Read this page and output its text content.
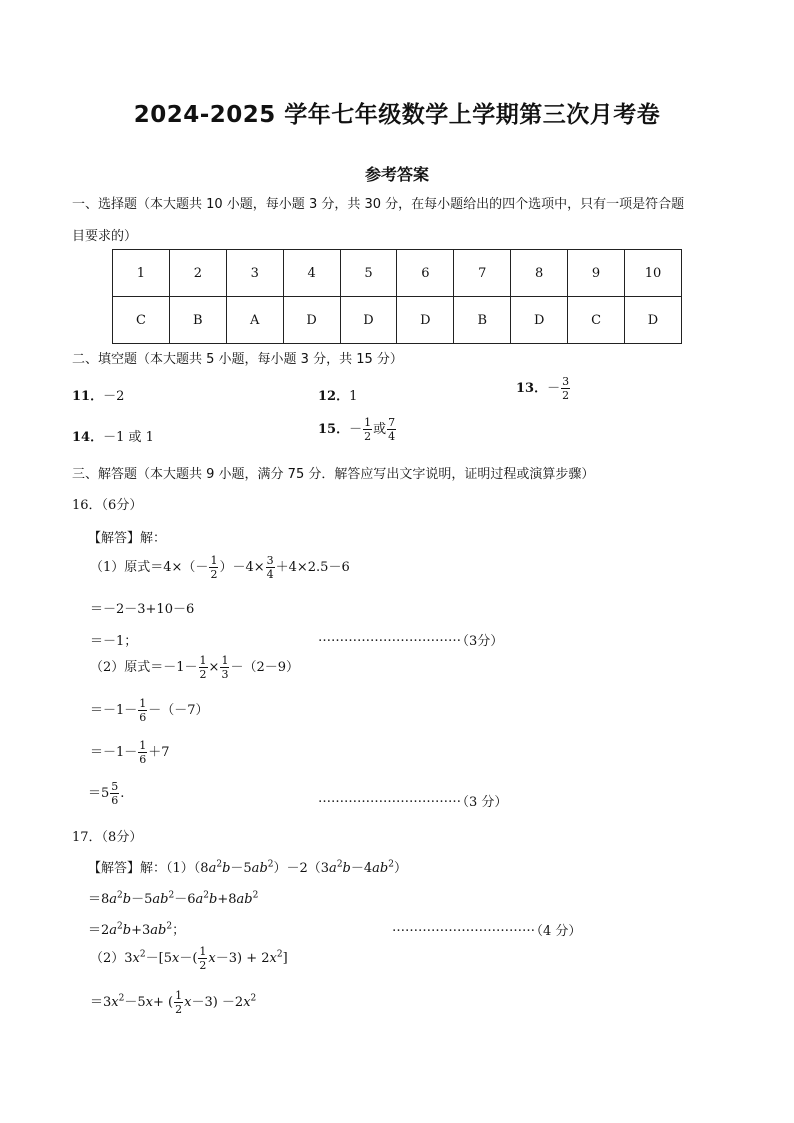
2024-2025 学年七年级数学上学期第三次月考卷
参考答案
一、选择题（本大题共 10 小题，每小题 3 分，共 30 分，在每小题给出的四个选项中，只有一项是符合题
目要求的）
1	2	3	4	5	6	7	8	9	10
C	B	A	D	D	D	B	D	C	D
二、填空题（本大题共 5 小题，每小题 3 分，共 15 分）
11．－2	12．1
13．－ $\frac{3}{2}$
14．－1 或 1
15．－ $\frac{1}{2}$ 或 $\frac{7}{4}$
三、解答题（本大题共 9 小题，满分 75 分．解答应写出文字说明，证明过程或演算步骤）
16．（6分）
【解答】解：
（1）原式$=4\times(- \frac{1}{2} )-4\times \frac{3}{4} +4\times 2.5-6$
＝－2－3+10－6
＝－1；	……………………………
（3分）
（2）原式$=-1- \frac{1}{2} \times \frac{1}{3} -(2-9)$
$=-1- \frac{1}{6} -(-7)$
$=-1- \frac{1}{6} +7$
$=5 \frac{5}{6}$ .	……………………………
（3 分）
17．（8分）
【解答】解：$(1)(8a^2b-5ab^2)-2(3a^2b-4ab^2)$
$=8a^2b-5ab^2-6a^2b+8ab^2$
$=2a^2b+3ab^2$；	……………………………
（4 分）
$(2)3x^2-[5x-( \frac{1}{2} x-3) + 2x^2]$
$=3x^2-5x+$ ( $\frac{1}{2} x-3) -2x^2$
